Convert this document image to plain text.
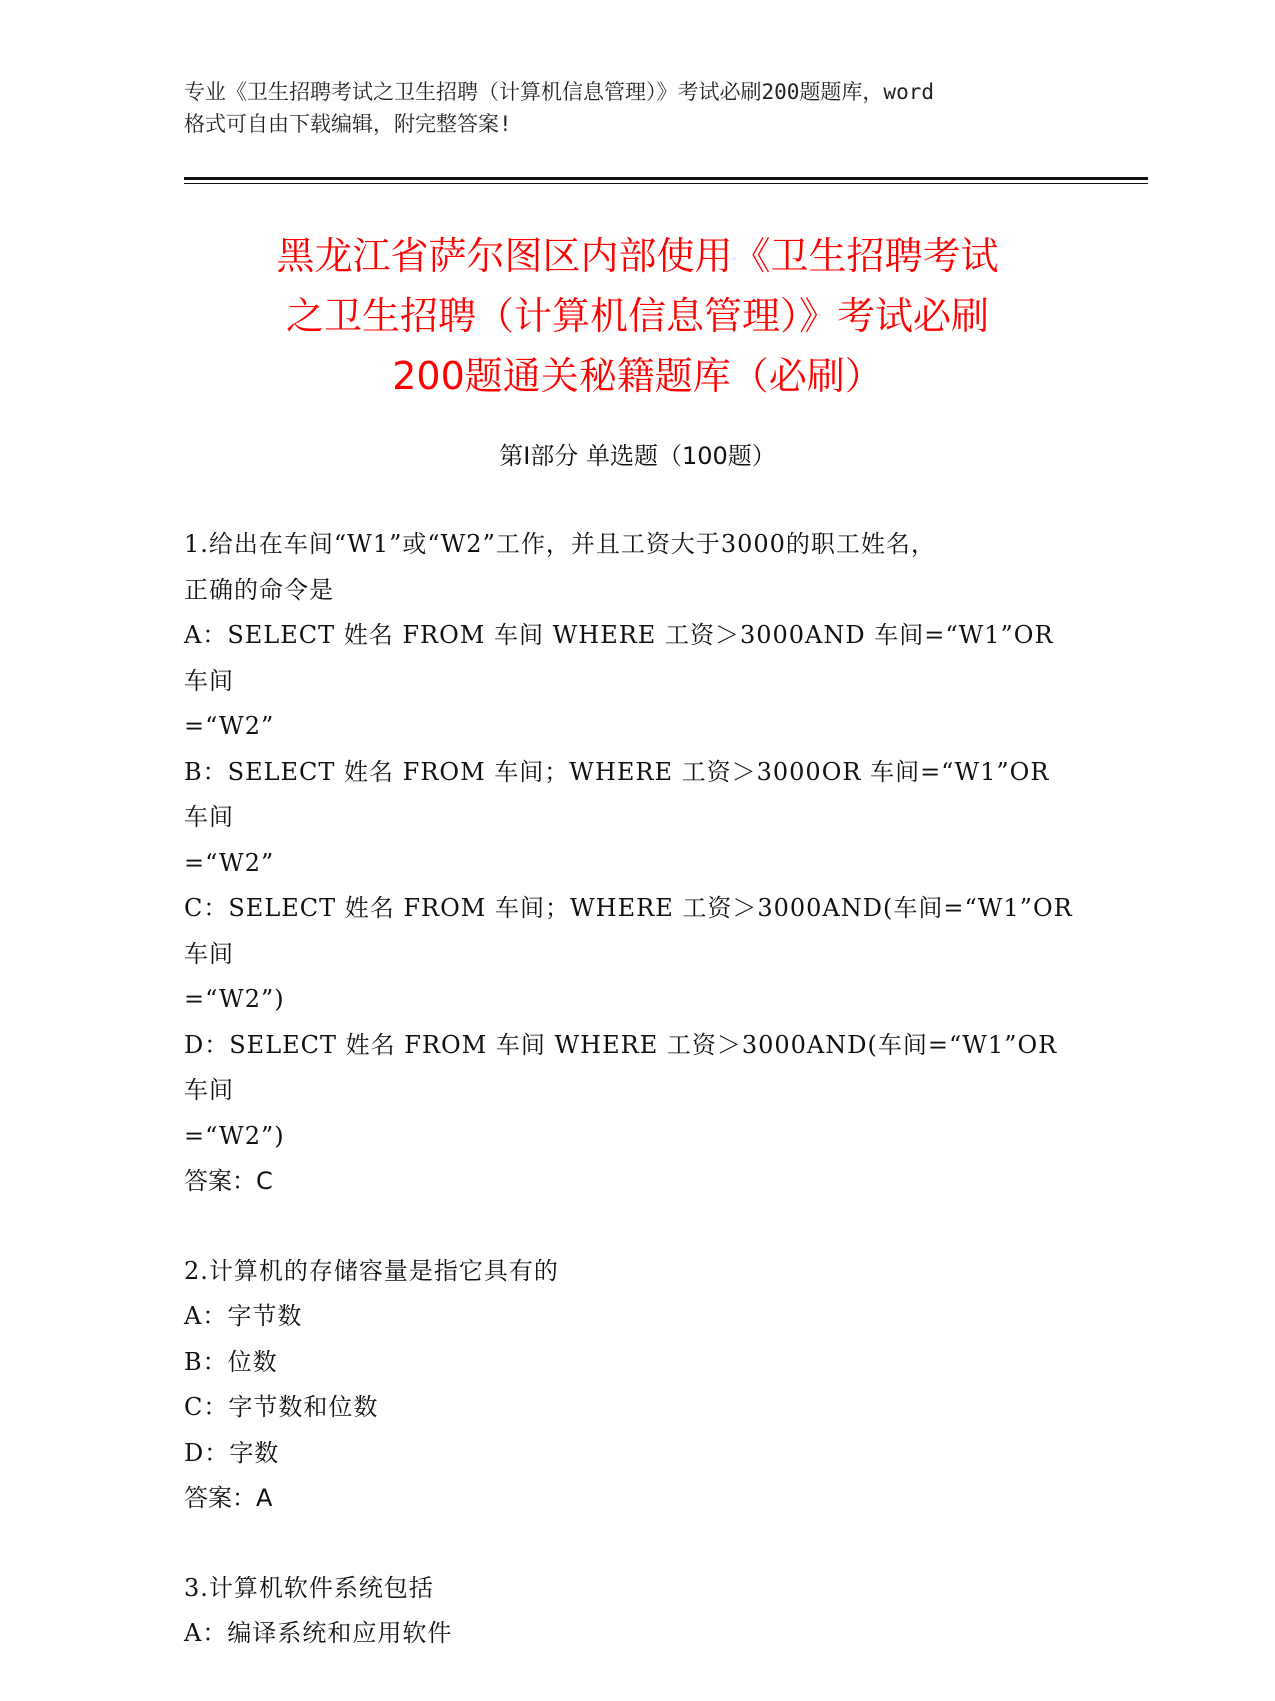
专业《卫生招聘考试之卫生招聘（计算机信息管理）》考试必刷200题题库，word
格式可自由下载编辑，附完整答案!
黑龙江省萨尔图区内部使用《卫生招聘考试
之卫生招聘（计算机信息管理）》考试必刷
200题通关秘籍题库（必刷）
第Ⅰ部分 单选题（100题）
1.给出在车间“W1”或“W2”工作，并且工资大于3000的职工姓名，
正确的命令是
A：SELECT 姓名 FROM 车间 WHERE 工资＞3000AND 车间=“W1”OR 车间
=“W2”
B：SELECT 姓名 FROM 车间；WHERE 工资＞3000OR 车间=“W1”OR 车间
=“W2”
C：SELECT 姓名 FROM 车间；WHERE 工资＞3000AND(车间=“W1”OR 车间
=“W2”)
D：SELECT 姓名 FROM 车间 WHERE 工资＞3000AND(车间=“W1”OR 车间
=“W2”)
答案：C
2.计算机的存储容量是指它具有的
A：字节数
B：位数
C：字节数和位数
D：字数
答案：A
3.计算机软件系统包括
A：编译系统和应用软件
